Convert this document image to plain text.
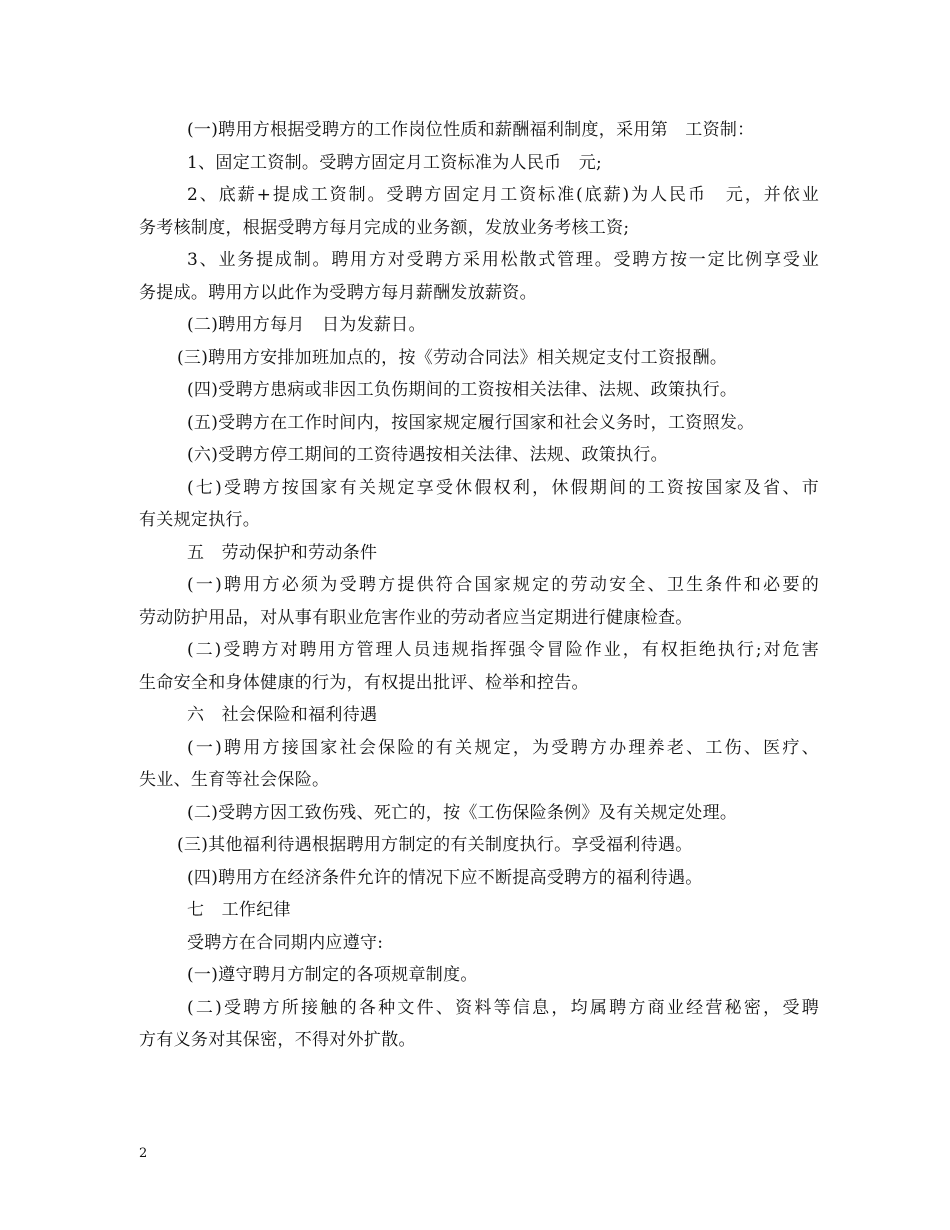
(一)聘用方根据受聘方的工作岗位性质和薪酬福利制度，采用第　工资制：
1、固定工资制。受聘方固定月工资标准为人民币　元;
2、底薪+提成工资制。受聘方固定月工资标准(底薪)为人民币　元，并依业
务考核制度，根据受聘方每月完成的业务额，发放业务考核工资;
3、业务提成制。聘用方对受聘方采用松散式管理。受聘方按一定比例享受业
务提成。聘用方以此作为受聘方每月薪酬发放薪资。
(二)聘用方每月　日为发薪日。
(三)聘用方安排加班加点的，按《劳动合同法》相关规定支付工资报酬。
(四)受聘方患病或非因工负伤期间的工资按相关法律、法规、政策执行。
(五)受聘方在工作时间内，按国家规定履行国家和社会义务时，工资照发。
(六)受聘方停工期间的工资待遇按相关法律、法规、政策执行。
(七)受聘方按国家有关规定享受休假权利，休假期间的工资按国家及省、市
有关规定执行。
五　劳动保护和劳动条件
(一)聘用方必须为受聘方提供符合国家规定的劳动安全、卫生条件和必要的
劳动防护用品，对从事有职业危害作业的劳动者应当定期进行健康检查。
(二)受聘方对聘用方管理人员违规指挥强令冒险作业，有权拒绝执行;对危害
生命安全和身体健康的行为，有权提出批评、检举和控告。
六　社会保险和福利待遇
(一)聘用方接国家社会保险的有关规定，为受聘方办理养老、工伤、医疗、
失业、生育等社会保险。
(二)受聘方因工致伤残、死亡的，按《工伤保险条例》及有关规定处理。
(三)其他福利待遇根据聘用方制定的有关制度执行。享受福利待遇。
(四)聘用方在经济条件允许的情况下应不断提高受聘方的福利待遇。
七　工作纪律
受聘方在合同期内应遵守:
(一)遵守聘月方制定的各项规章制度。
(二)受聘方所接触的各种文件、资料等信息，均属聘方商业经营秘密，受聘
方有义务对其保密，不得对外扩散。
2
